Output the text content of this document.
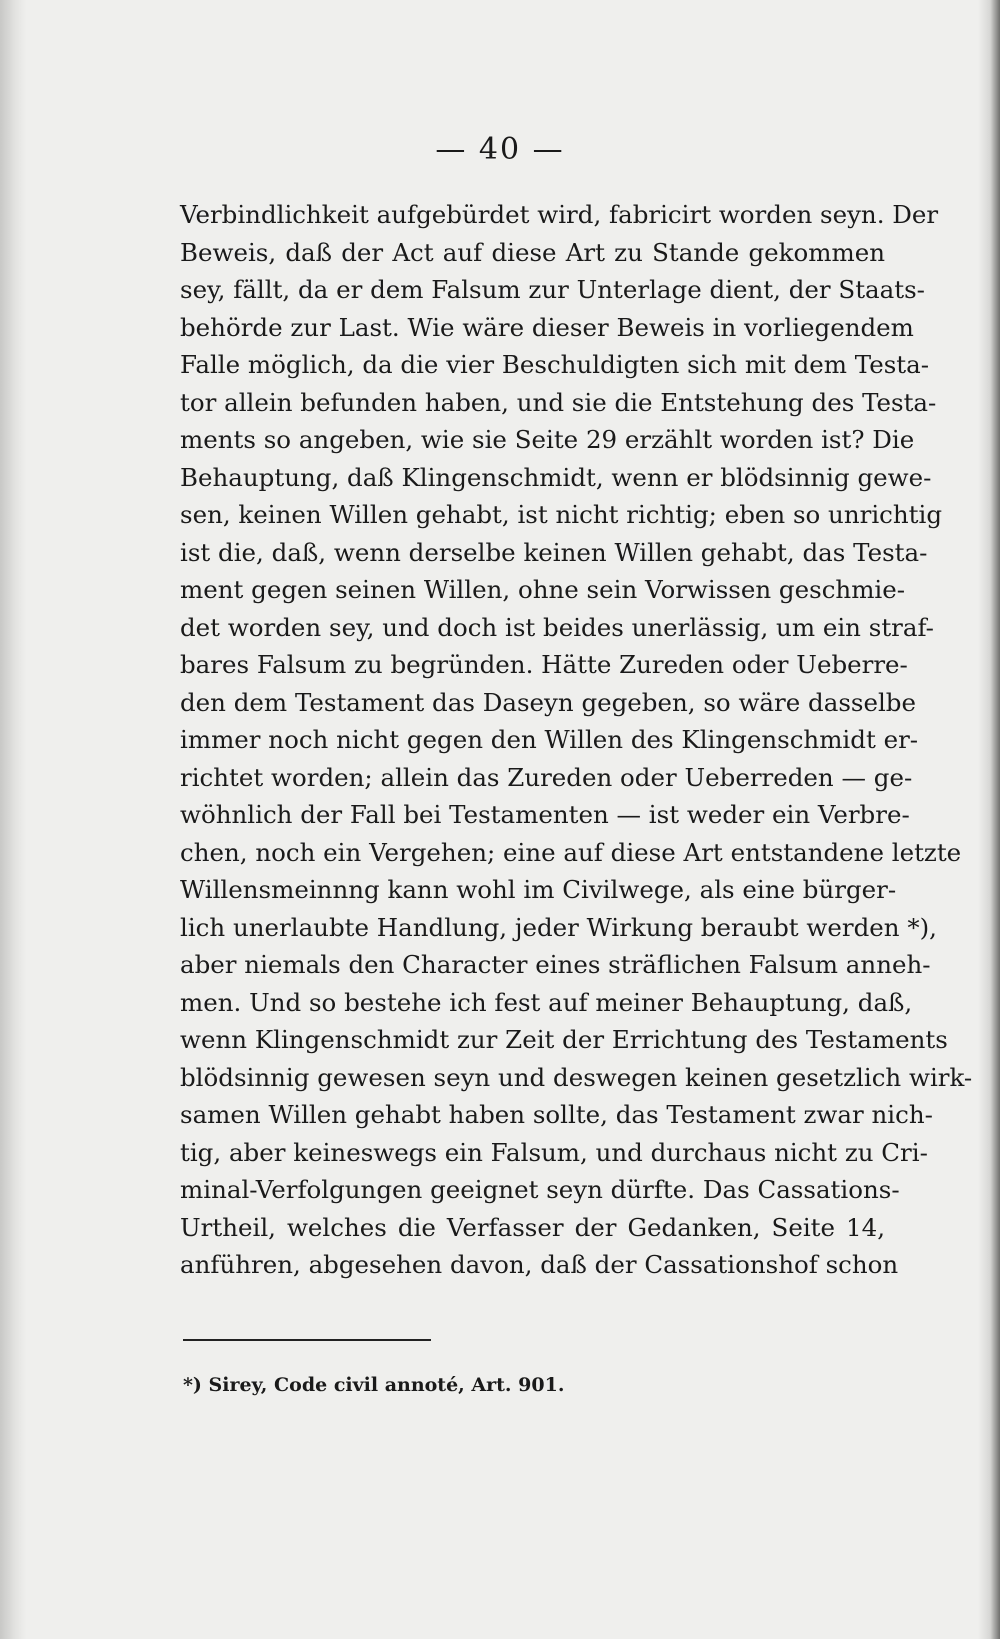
— 40 —
Verbindlichkeit aufgebürdet wird, fabricirt worden seyn. Der
Beweis, daß der Act auf diese Art zu Stande gekommen
sey, fällt, da er dem Falsum zur Unterlage dient, der Staats-
behörde zur Last. Wie wäre dieser Beweis in vorliegendem
Falle möglich, da die vier Beschuldigten sich mit dem Testa-
tor allein befunden haben, und sie die Entstehung des Testa-
ments so angeben, wie sie Seite 29 erzählt worden ist? Die
Behauptung, daß Klingenschmidt, wenn er blödsinnig gewe-
sen, keinen Willen gehabt, ist nicht richtig; eben so unrichtig
ist die, daß, wenn derselbe keinen Willen gehabt, das Testa-
ment gegen seinen Willen, ohne sein Vorwissen geschmie-
det worden sey, und doch ist beides unerlässig, um ein straf-
bares Falsum zu begründen. Hätte Zureden oder Ueberre-
den dem Testament das Daseyn gegeben, so wäre dasselbe
immer noch nicht gegen den Willen des Klingenschmidt er-
richtet worden; allein das Zureden oder Ueberreden — ge-
wöhnlich der Fall bei Testamenten — ist weder ein Verbre-
chen, noch ein Vergehen; eine auf diese Art entstandene letzte
Willensmeinnng kann wohl im Civilwege, als eine bürger-
lich unerlaubte Handlung, jeder Wirkung beraubt werden *),
aber niemals den Character eines sträflichen Falsum anneh-
men. Und so bestehe ich fest auf meiner Behauptung, daß,
wenn Klingenschmidt zur Zeit der Errichtung des Testaments
blödsinnig gewesen seyn und deswegen keinen gesetzlich wirk-
samen Willen gehabt haben sollte, das Testament zwar nich-
tig, aber keineswegs ein Falsum, und durchaus nicht zu Cri-
minal-Verfolgungen geeignet seyn dürfte. Das Cassations-
Urtheil, welches die Verfasser der Gedanken, Seite 14,
anführen, abgesehen davon, daß der Cassationshof schon
*) Sirey, Code civil annoté, Art. 901.
